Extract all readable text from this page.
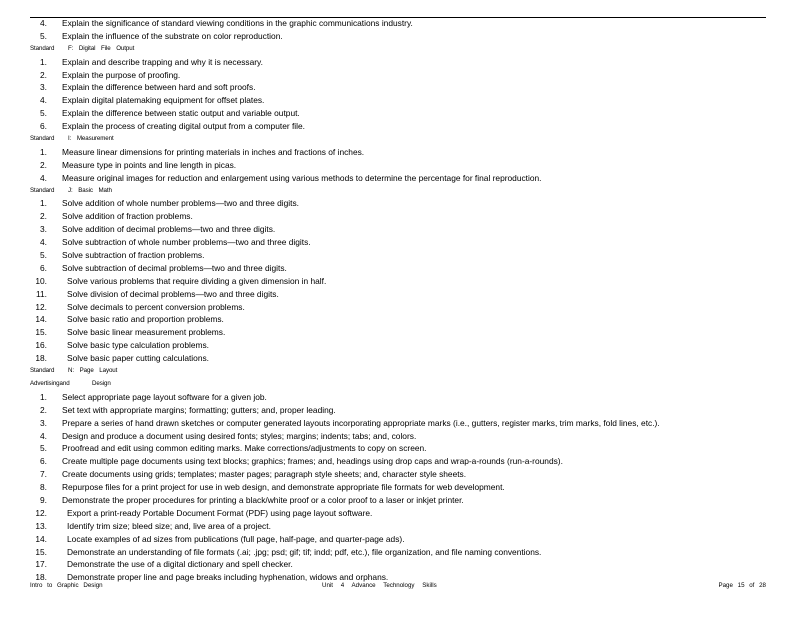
4. Explain the significance of standard viewing conditions in the graphic communications industry.
5. Explain the influence of the substrate on color reproduction.
Standard F: Digital File Output
1. Explain and describe trapping and why it is necessary.
2. Explain the purpose of proofing.
3. Explain the difference between hard and soft proofs.
4. Explain digital platemaking equipment for offset plates.
5. Explain the difference between static output and variable output.
6. Explain the process of creating digital output from a computer file.
Standard I: Measurement
1. Measure linear dimensions for printing materials in inches and fractions of inches.
2. Measure type in points and line length in picas.
4. Measure original images for reduction and enlargement using various methods to determine the percentage for final reproduction.
Standard J: Basic Math
1. Solve addition of whole number problems—two and three digits.
2. Solve addition of fraction problems.
3. Solve addition of decimal problems—two and three digits.
4. Solve subtraction of whole number problems—two and three digits.
5. Solve subtraction of fraction problems.
6. Solve subtraction of decimal problems—two and three digits.
10. Solve various problems that require dividing a given dimension in half.
11. Solve division of decimal problems—two and three digits.
12. Solve decimals to percent conversion problems.
14. Solve basic ratio and proportion problems.
15. Solve basic linear measurement problems.
16. Solve basic type calculation problems.
18. Solve basic paper cutting calculations.
Standard N: Page Layout
Advertisingand	Design
1. Select appropriate page layout software for a given job.
2. Set text with appropriate margins; formatting; gutters; and, proper leading.
3. Prepare a series of hand drawn sketches or computer generated layouts incorporating appropriate marks (i.e., gutters, register marks, trim marks, fold lines, etc.).
4. Design and produce a document using desired fonts; styles; margins; indents; tabs; and, colors.
5. Proofread and edit using common editing marks. Make corrections/adjustments to copy on screen.
6. Create multiple page documents using text blocks; graphics; frames; and, headings using drop caps and wrap-a-rounds (run-a-rounds).
7. Create documents using grids; templates; master pages; paragraph style sheets; and, character style sheets.
8. Repurpose files for a print project for use in web design, and demonstrate appropriate file formats for web development.
9. Demonstrate the proper procedures for printing a black/white proof or a color proof to a laser or inkjet printer.
12. Export a print-ready Portable Document Format (PDF) using page layout software.
13. Identify trim size; bleed size; and, live area of a project.
14. Locate examples of ad sizes from publications (full page, half-page, and quarter-page ads).
15. Demonstrate an understanding of file formats (.ai; .jpg; psd; gif; tif; indd; pdf, etc.), file organization, and file naming conventions.
17. Demonstrate the use of a digital dictionary and spell checker.
18. Demonstrate proper line and page breaks including hyphenation, widows and orphans.
Intro to Graphic Design	Unit 4 Advance Technology Skills	Page 15 of 28
